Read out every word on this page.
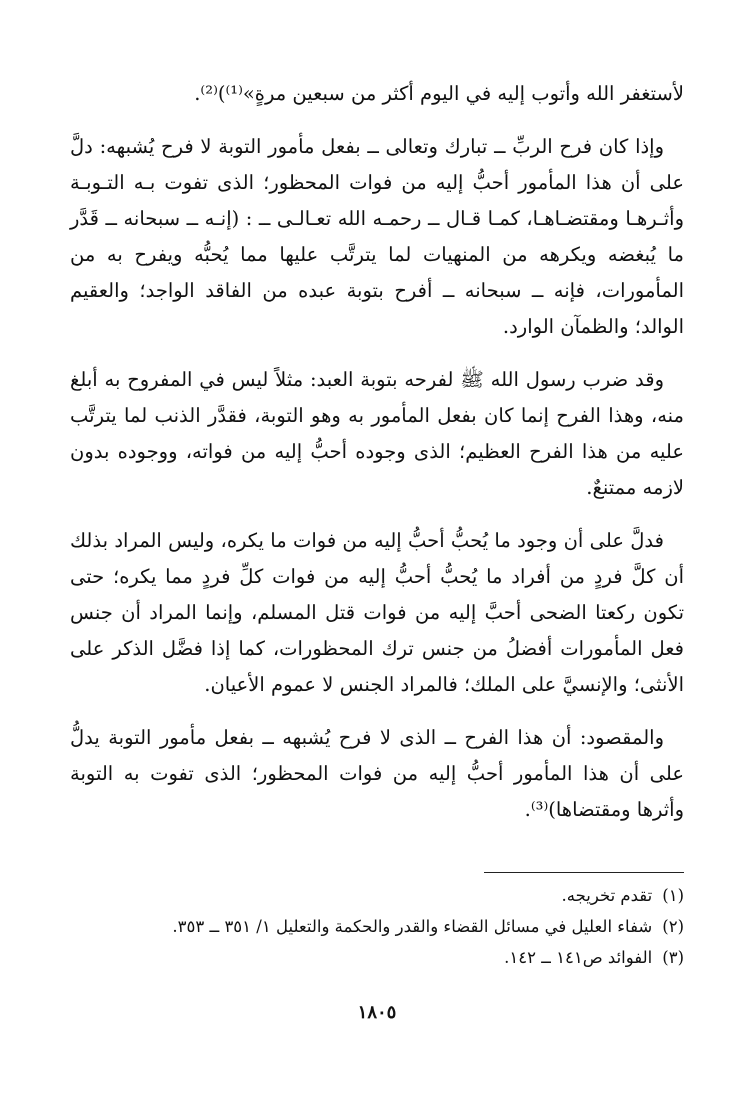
لأستغفر الله وأتوب إليه في اليوم أكثر من سبعين مرةٍ»⁽¹⁾)⁽²⁾.

وإذا كان فرح الربِّ ــ تبارك وتعالى ــ بفعل مأمور التوبة لا فرح يُشبهه: دلَّ على أن هذا المأمور أحبُّ إليه من فوات المحظور؛ الذى تفوت بـه التـوبـة وأثـرهـا ومقتضـاهـا، كمـا قـال ــ رحمـه الله تعـالـى ــ : (إنـه ــ سبحانه ــ قَدَّر ما يُبغضه ويكرهه من المنهيات لما يترتَّب عليها مما يُحبُّه ويفرح به من المأمورات، فإنه ــ سبحانه ــ أفرح بتوبة عبده من الفاقد الواجد؛ والعقيم الوالد؛ والظمآن الوارد.

وقد ضرب رسول الله ﷺ لفرحه بتوبة العبد: مثلاً ليس في المفروح به أبلغ منه، وهذا الفرح إنما كان بفعل المأمور به وهو التوبة، فقدَّر الذنب لما يترتَّب عليه من هذا الفرح العظيم؛ الذى وجوده أحبُّ إليه من فواته، ووجوده بدون لازمه ممتنعٌ.

فدلَّ على أن وجود ما يُحبُّ أحبُّ إليه من فوات ما يكره، وليس المراد بذلك أن كلَّ فردٍ من أفراد ما يُحبُّ أحبُّ إليه من فوات كلِّ فردٍ مما يكره؛ حتى تكون ركعتا الضحى أحبَّ إليه من فوات قتل المسلم، وإنما المراد أن جنس فعل المأمورات أفضلُ من جنس ترك المحظورات، كما إذا فضَّل الذكر على الأنثى؛ والإنسيَّ على الملك؛ فالمراد الجنس لا عموم الأعيان.

والمقصود: أن هذا الفرح ــ الذى لا فرح يُشبهه ــ بفعل مأمور التوبة يدلُّ على أن هذا المأمور أحبُّ إليه من فوات المحظور؛ الذى تفوت به التوبة وأثرها ومقتضاها)⁽³⁾.

(١)تقدم تخريجه.

(٢)شفاء العليل في مسائل القضاء والقدر والحكمة والتعليل ١/ ٣٥١ ــ ٣٥٣.

(٣)الفوائد ص١٤١ ــ ١٤٢.

١٨٠٥
